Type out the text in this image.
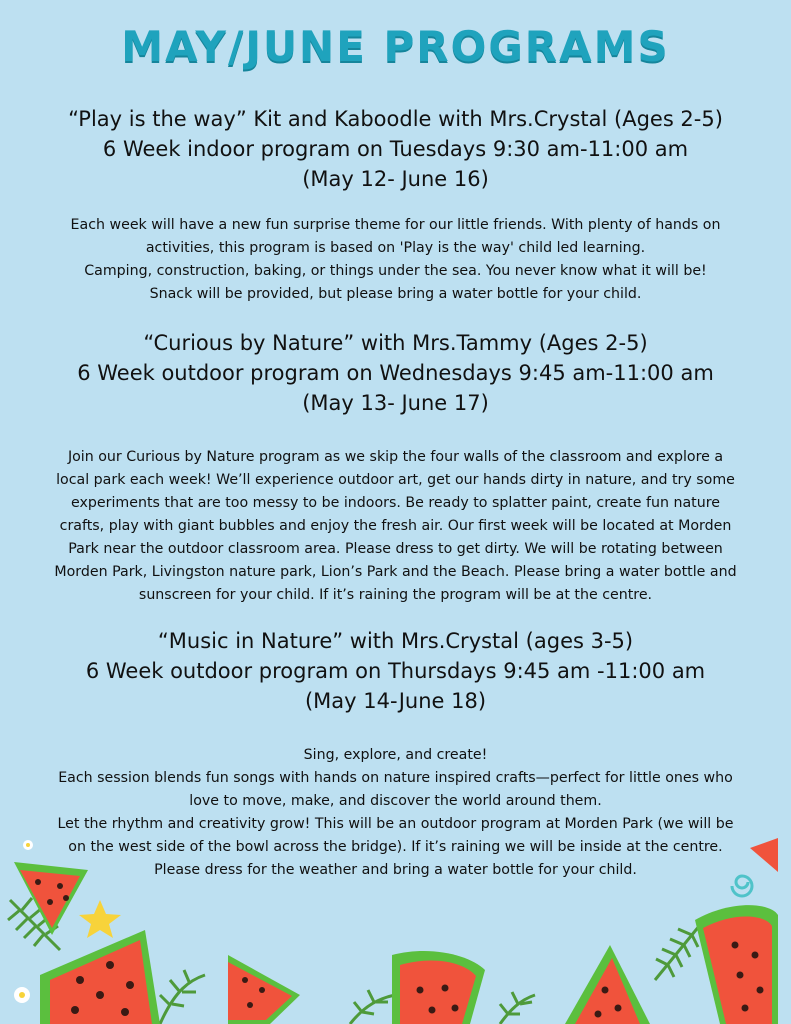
MAY/JUNE PROGRAMS

“Play is the way” Kit and Kaboodle with Mrs.Crystal (Ages 2-5)

6 Week indoor program on Tuesdays 9:30 am-11:00 am

(May 12- June 16)

Each week will have a new fun surprise theme for our little friends. With plenty of hands on
activities, this program is based on 'Play is the way' child led learning.
Camping, construction, baking, or things under the sea. You never know what it will be!
Snack will be provided, but please bring a water bottle for your child.

“Curious by Nature” with Mrs.Tammy (Ages 2-5)

6 Week outdoor program on Wednesdays 9:45 am-11:00 am

(May 13- June 17)

Join our Curious by Nature program as we skip the four walls of the classroom and explore a
local park each week! We’ll experience outdoor art, get our hands dirty in nature, and try some
experiments that are too messy to be indoors. Be ready to splatter paint, create fun nature
crafts, play with giant bubbles and enjoy the fresh air. Our first week will be located at Morden
Park near the outdoor classroom area. Please dress to get dirty. We will be rotating between
Morden Park, Livingston nature park, Lion’s Park and the Beach. Please bring a water bottle and
sunscreen for your child. If it’s raining the program will be at the centre.

“Music in Nature” with Mrs.Crystal (ages 3-5)

6 Week outdoor program on Thursdays 9:45 am -11:00 am

(May 14-June 18)

Sing, explore, and create!
Each session blends fun songs with hands on nature inspired crafts—perfect for little ones who
love to move, make, and discover the world around them.
Let the rhythm and creativity grow! This will be an outdoor program at Morden Park (we will be
on the west side of the bowl across the bridge). If it’s raining we will be inside at the centre.
Please dress for the weather and bring a water bottle for your child.
